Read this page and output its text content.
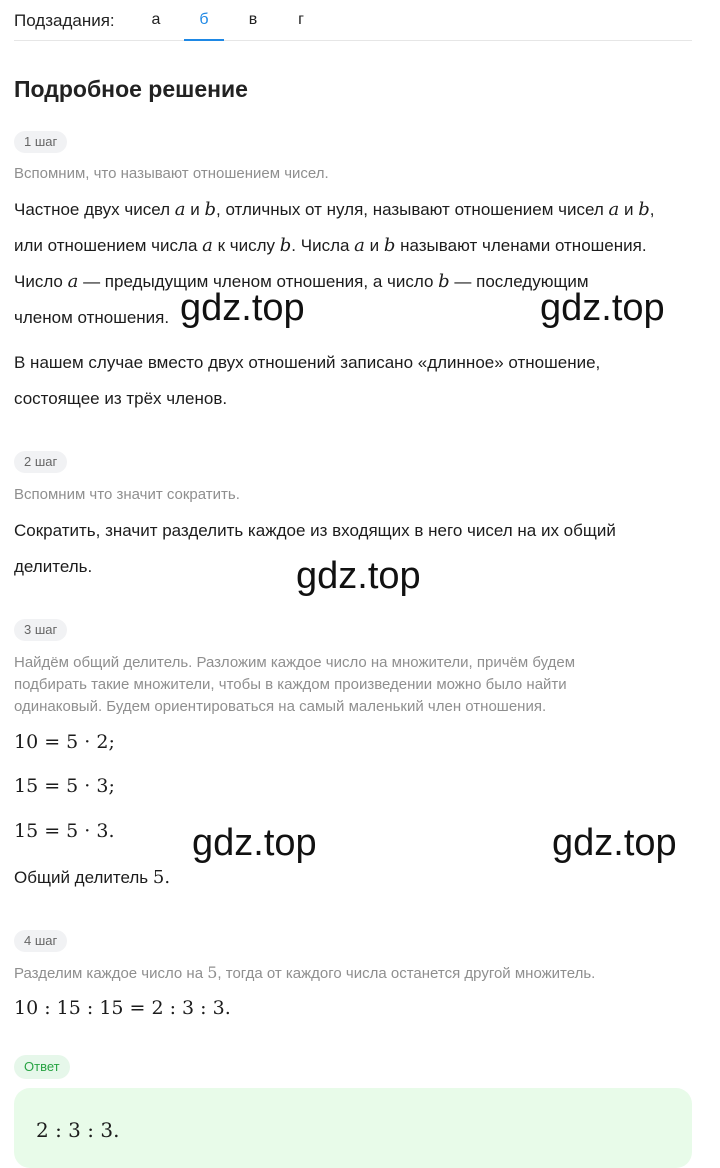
Подзадания:	а	б	в	г
Подробное решение
1 шаг
Вспомним, что называют отношением чисел.
Частное двух чисел a и b, отличных от нуля, называют отношением чисел a и b,
или отношением числа a к числу b. Числа a и b называют членами отношения.
Число a — предыдущим членом отношения, а число b — последующим
членом отношения.
В нашем случае вместо двух отношений записано «длинное» отношение,
состоящее из трёх членов.
2 шаг
Вспомним что значит сократить.
Сократить, значит разделить каждое из входящих в него чисел на их общий
делитель.
3 шаг
Найдём общий делитель. Разложим каждое число на множители, причём будем
подбирать такие множители, чтобы в каждом произведении можно было найти
одинаковый. Будем ориентироваться на самый маленький член отношения.
10 = 5 · 2;
15 = 5 · 3;
15 = 5 · 3.
Общий делитель 5.
4 шаг
Разделим каждое число на 5, тогда от каждого числа останется другой множитель.
10 : 15 : 15 = 2 : 3 : 3.
Ответ
2 : 3 : 3.
gdz.top	gdz.top
gdz.top
gdz.top	gdz.top
